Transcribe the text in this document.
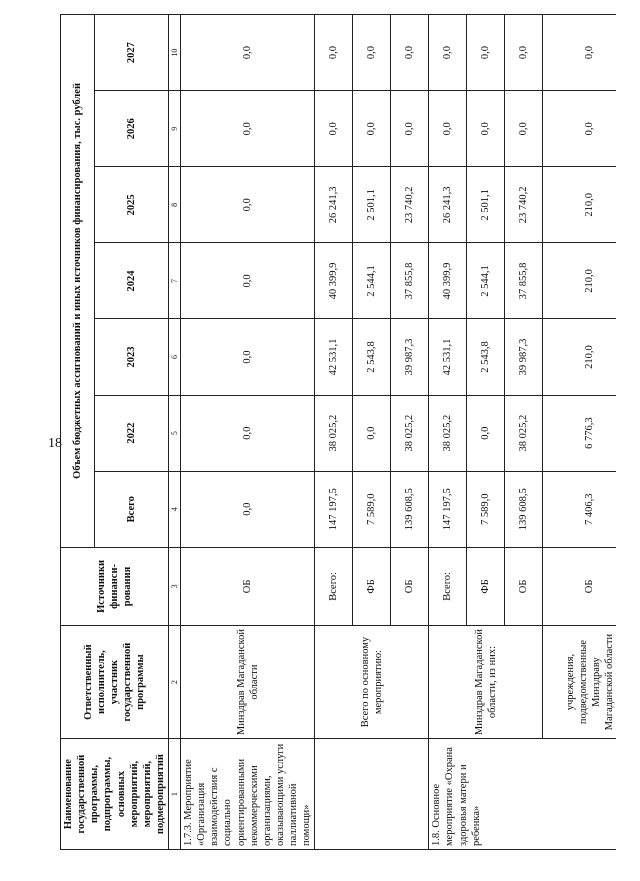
18
Наименование государственной программы, подпрограммы, основных мероприятий, мероприятий, подмероприятий	Ответственный исполнитель, участник государственной программы	Источники финанси- рования	Объем бюджетных ассигнований и иных источников финансирования, тыс. рублей						
			Всего	2022	2023	2024	2025	2026	2027
1	2	3	4	5	6	7	8	9	10
1.7.3. Мероприятие «Организация взаимодействия с социально ориентированными некоммерческими организациями, оказывающими услуги паллиативной помощи»	Минздрав Магаданской области	ОБ	0,0	0,0	0,0	0,0	0,0	0,0	0,0
	Всего по основному мероприятию:	Всего:	147 197,5	38 025,2	42 531,1	40 399,9	26 241,3	0,0	0,0
		ФБ	7 589,0	0,0	2 543,8	2 544,1	2 501,1	0,0	0,0
		ОБ	139 608,5	38 025,2	39 987,3	37 855,8	23 740,2	0,0	0,0
1.8. Основное мероприятие «Охрана здоровья матери и ребенка»	Минздрав Магаданской области, из них:	Всего:	147 197,5	38 025,2	42 531,1	40 399,9	26 241,3	0,0	0,0
		ФБ	7 589,0	0,0	2 543,8	2 544,1	2 501,1	0,0	0,0
		ОБ	139 608,5	38 025,2	39 987,3	37 855,8	23 740,2	0,0	0,0
	учреждения, подведомственные Минздраву Магаданской области	ОБ	7 406,3	6 776,3	210,0	210,0	210,0	0,0	0,0
